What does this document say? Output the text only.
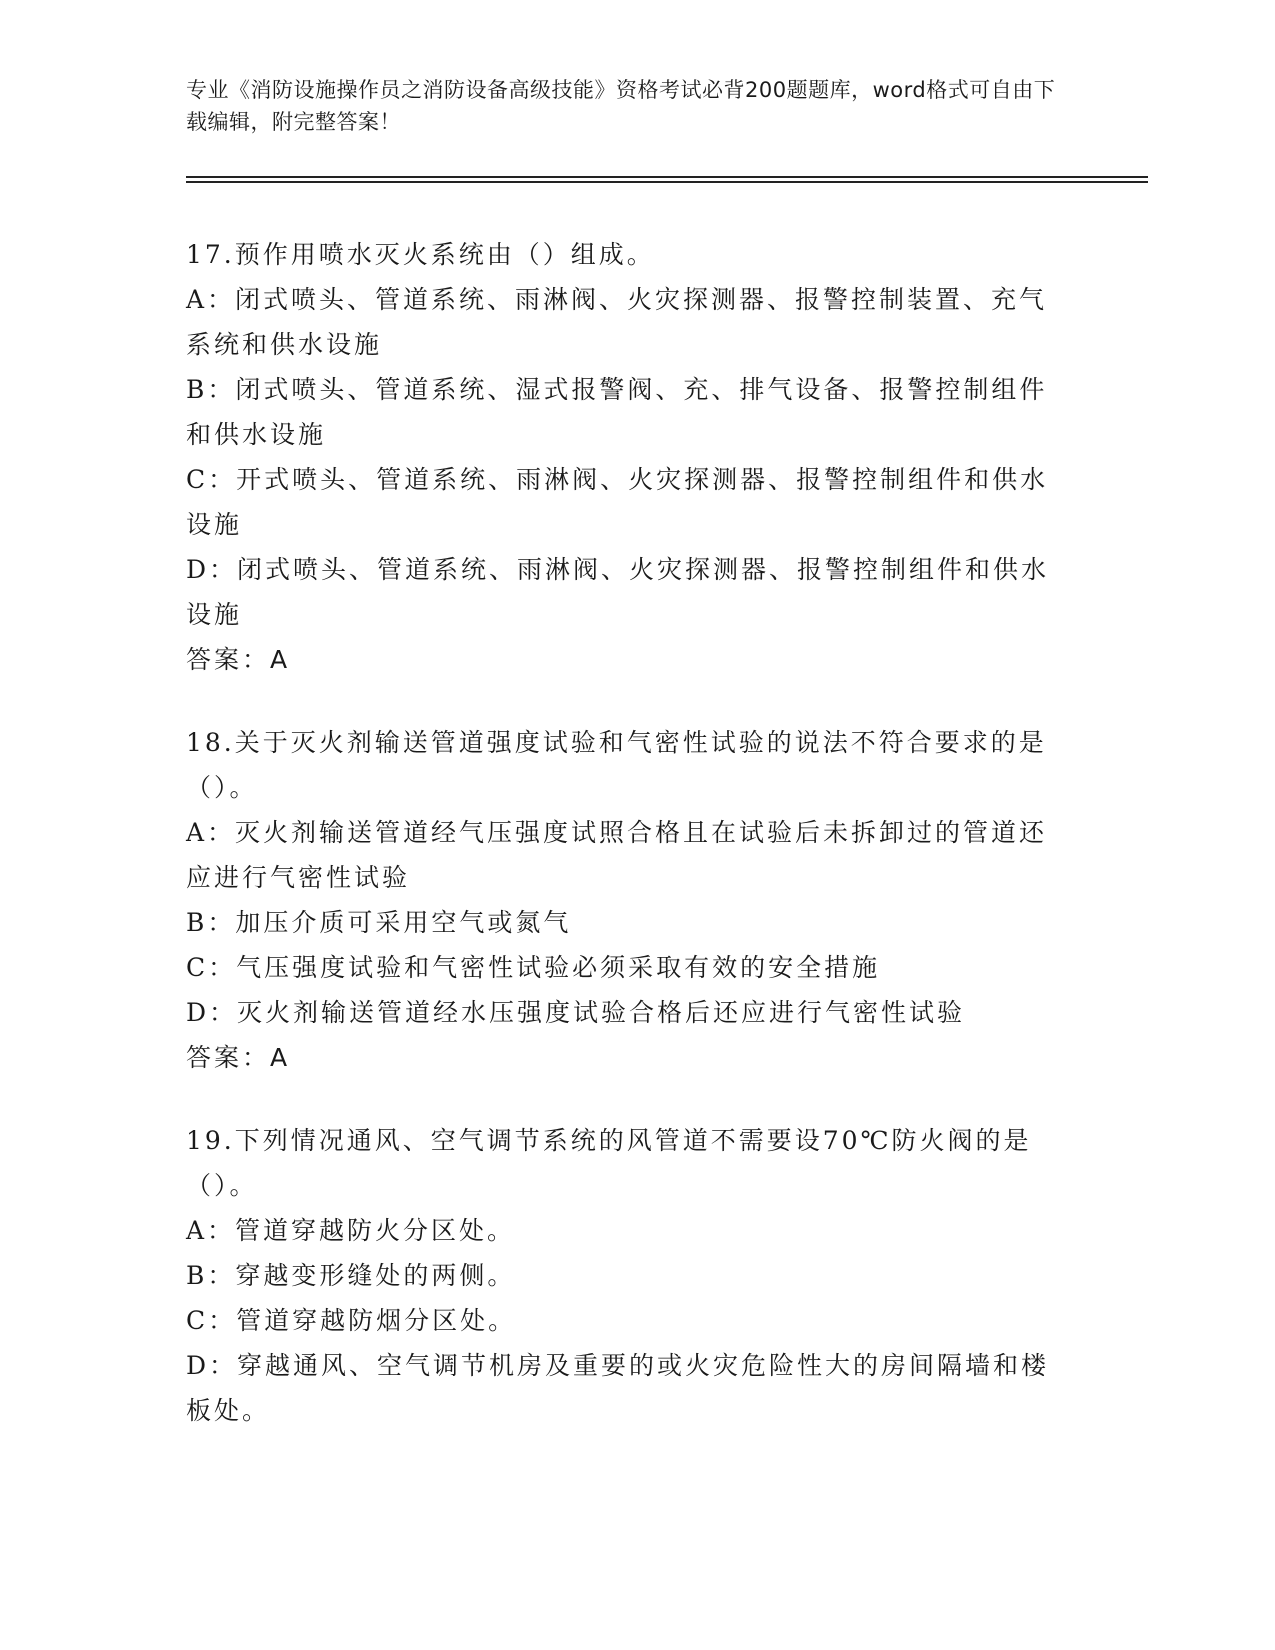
专业《消防设施操作员之消防设备高级技能》资格考试必背200题题库，word格式可自由下载编辑，附完整答案！
17.预作用喷水灭火系统由（）组成。
A：闭式喷头、管道系统、雨淋阀、火灾探测器、报警控制装置、充气系统和供水设施
B：闭式喷头、管道系统、湿式报警阀、充、排气设备、报警控制组件和供水设施
C：开式喷头、管道系统、雨淋阀、火灾探测器、报警控制组件和供水设施
D：闭式喷头、管道系统、雨淋阀、火灾探测器、报警控制组件和供水设施
答案：A
18.关于灭火剂输送管道强度试验和气密性试验的说法不符合要求的是（）。
A：灭火剂输送管道经气压强度试照合格且在试验后未拆卸过的管道还应进行气密性试验
B：加压介质可采用空气或氮气
C：气压强度试验和气密性试验必须采取有效的安全措施
D：灭火剂输送管道经水压强度试验合格后还应进行气密性试验
答案：A
19.下列情况通风、空气调节系统的风管道不需要设70℃防火阀的是（）。
A：管道穿越防火分区处。
B：穿越变形缝处的两侧。
C：管道穿越防烟分区处。
D：穿越通风、空气调节机房及重要的或火灾危险性大的房间隔墙和楼板处。
